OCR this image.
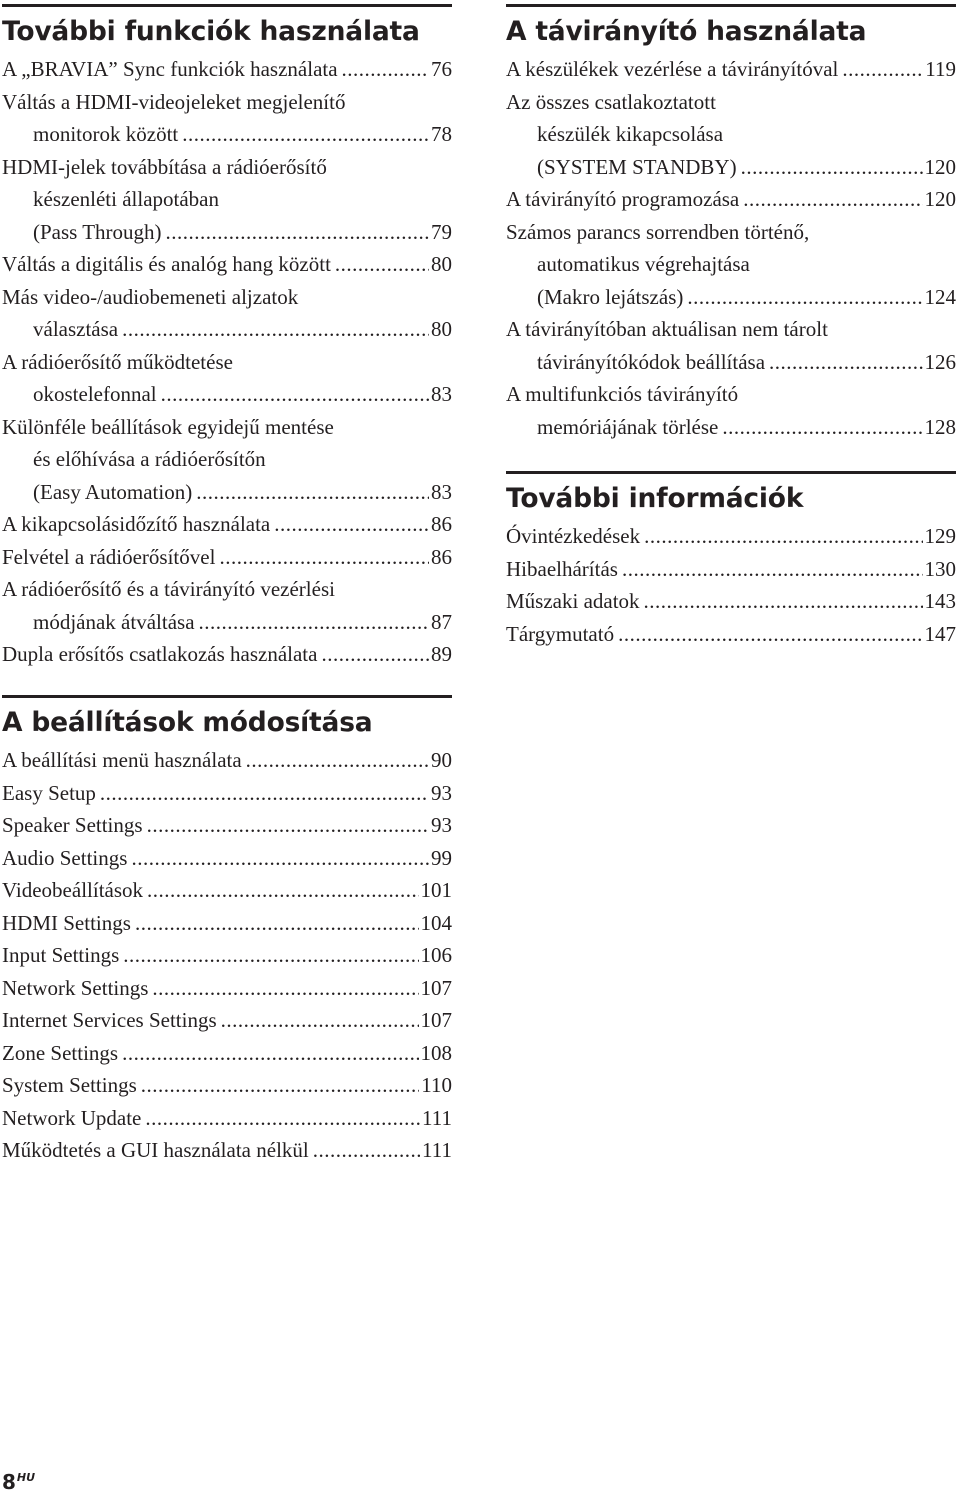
További funkciók használata
A „BRAVIA” Sync funkciók használata .....	76
Váltás a HDMI-videojeleket megjelenítő
monitorok között .....	78
HDMI-jelek továbbítása a rádióerősítő
készenléti állapotában
(Pass Through) .....	79
Váltás a digitális és analóg hang között .....	80
Más video-/audiobemeneti aljzatok
választása .....	80
A rádióerősítő működtetése
okostelefonnal .....	83
Különféle beállítások egyidejű mentése
és előhívása a rádióerősítőn
(Easy Automation) .....	83
A kikapcsolásidőzítő használata .....	86
Felvétel a rádióerősítővel .....	86
A rádióerősítő és a távirányító vezérlési
módjának átváltása .....	87
Dupla erősítős csatlakozás használata .....	89
A beállítások módosítása
A beállítási menü használata .....	90
Easy Setup .....	93
Speaker Settings .....	93
Audio Settings .....	99
Videobeállítások .....	101
HDMI Settings .....	104
Input Settings .....	106
Network Settings .....	107
Internet Services Settings .....	107
Zone Settings .....	108
System Settings .....	110
Network Update .....	111
Működtetés a GUI használata nélkül .....	111
A távirányító használata
A készülékek vezérlése a távirányítóval .....	119
Az összes csatlakoztatott
készülék kikapcsolása
(SYSTEM STANDBY) .....	120
A távirányító programozása .....	120
Számos parancs sorrendben történő,
automatikus végrehajtása
(Makro lejátszás) .....	124
A távirányítóban aktuálisan nem tárolt
távirányítókódok beállítása .....	126
A multifunkciós távirányító
memóriájának törlése .....	128
További információk
Óvintézkedések .....	129
Hibaelhárítás .....	130
Műszaki adatok .....	143
Tárgymutató .....	147
$8^{HU}$
